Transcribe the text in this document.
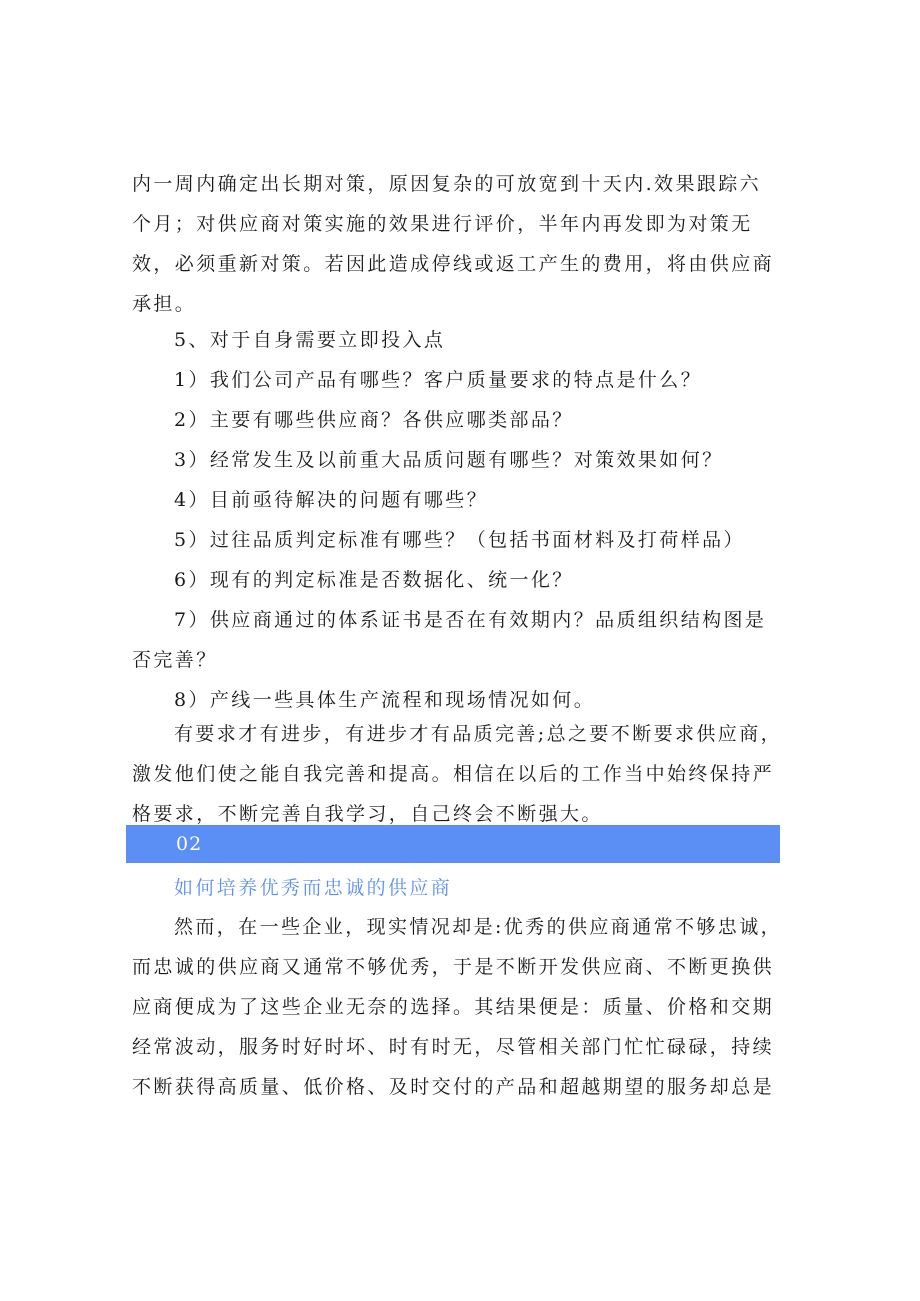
内一周内确定出长期对策，原因复杂的可放宽到十天内.效果跟踪六
个月；对供应商对策实施的效果进行评价，半年内再发即为对策无
效，必须重新对策。若因此造成停线或返工产生的费用，将由供应商
承担。
5、对于自身需要立即投入点
1）我们公司产品有哪些？客户质量要求的特点是什么？
2）主要有哪些供应商？各供应哪类部品？
3）经常发生及以前重大品质问题有哪些？对策效果如何？
4）目前亟待解决的问题有哪些？
5）过往品质判定标准有哪些？（包括书面材料及打荷样品）
6）现有的判定标准是否数据化、统一化？
7）供应商通过的体系证书是否在有效期内？品质组织结构图是
否完善？
8）产线一些具体生产流程和现场情况如何。
有要求才有进步，有进步才有品质完善;总之要不断要求供应商，
激发他们使之能自我完善和提高。相信在以后的工作当中始终保持严
格要求，不断完善自我学习，自己终会不断强大。
02
如何培养优秀而忠诚的供应商
然而，在一些企业，现实情况却是:优秀的供应商通常不够忠诚，
而忠诚的供应商又通常不够优秀，于是不断开发供应商、不断更换供
应商便成为了这些企业无奈的选择。其结果便是：质量、价格和交期
经常波动，服务时好时坏、时有时无，尽管相关部门忙忙碌碌，持续
不断获得高质量、低价格、及时交付的产品和超越期望的服务却总是
